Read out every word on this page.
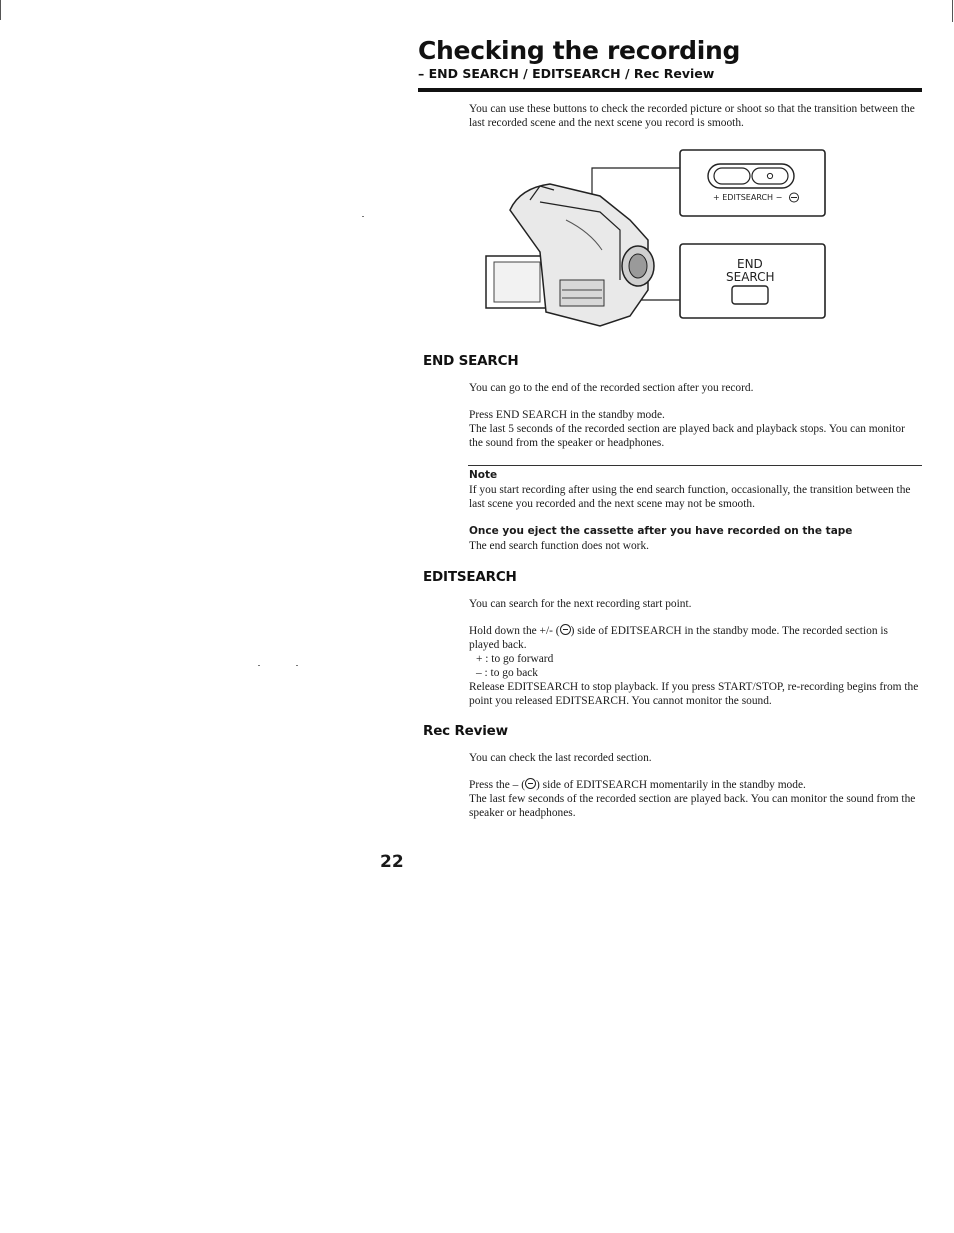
Checking the recording
– END SEARCH / EDITSEARCH / Rec Review

You can use these buttons to check the recorded picture or shoot so that the transition between the last recorded scene and the next scene you record is smooth.

+ EDITSEARCH −
END
SEARCH
END SEARCH

You can go to the end of the recorded section after you record.

Press END SEARCH in the standby mode.

The last 5 seconds of the recorded section are played back and playback stops. You can monitor the sound from the speaker or headphones.

Note

If you start recording after using the end search function, occasionally, the transition between the last scene you recorded and the next scene may not be smooth.

Once you eject the cassette after you have recorded on the tape

The end search function does not work.

EDITSEARCH

You can search for the next recording start point.

Hold down the +/- ( ) side of EDITSEARCH in the standby mode. The recorded section is played back.

+ : to go forward

– : to go back

Release EDITSEARCH to stop playback. If you press START/STOP, re-recording begins from the point you released EDITSEARCH. You cannot monitor the sound.

Rec Review

You can check the last recorded section.

Press the – ( ) side of EDITSEARCH momentarily in the standby mode.

The last few seconds of the recorded section are played back. You can monitor the sound from the speaker or headphones.

22
